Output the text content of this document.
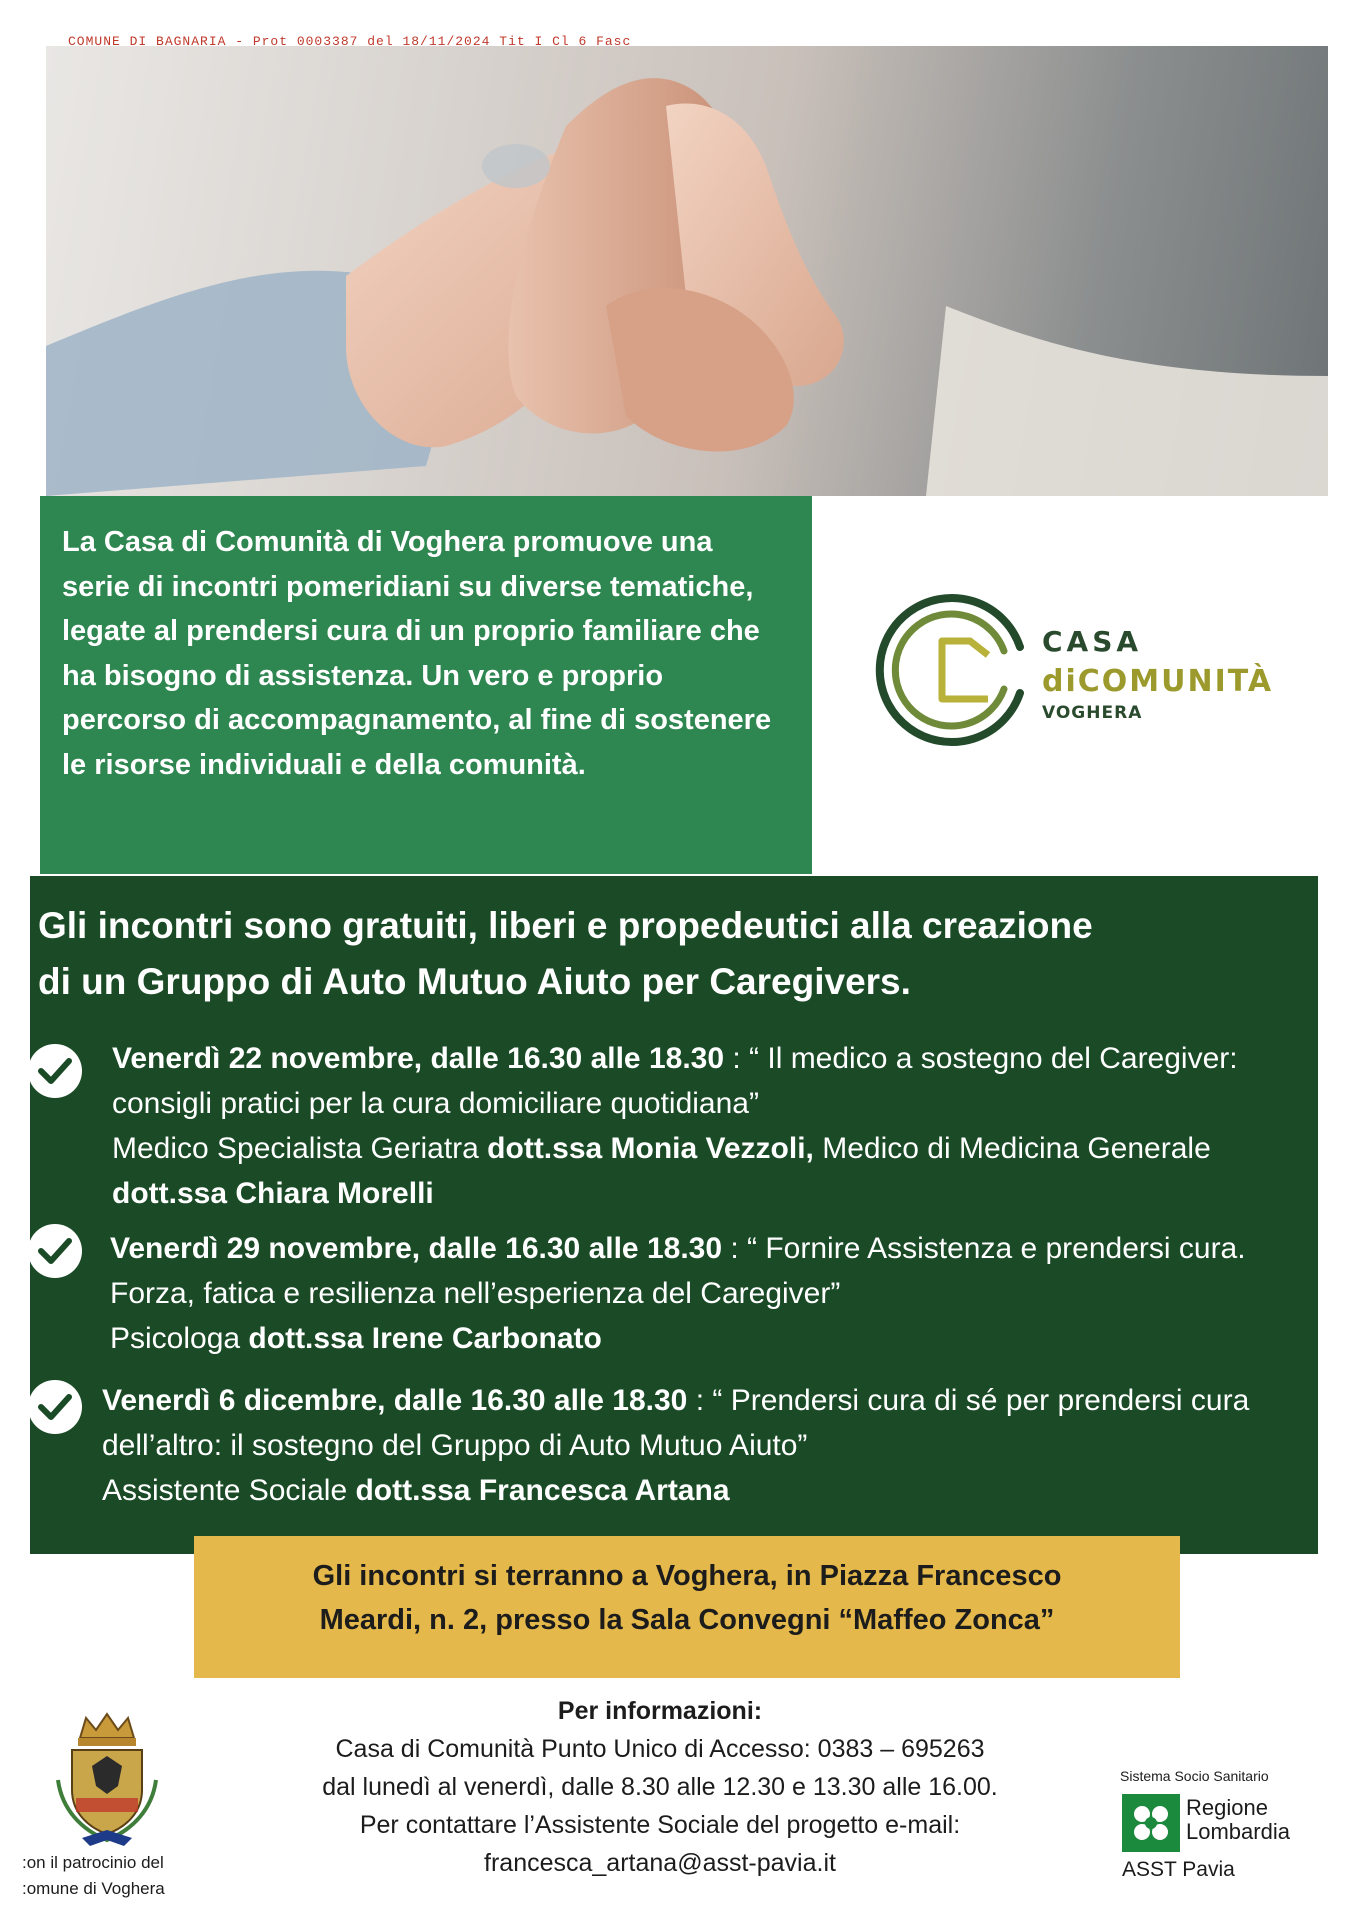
COMUNE DI BAGNARIA - Prot 0003387 del 18/11/2024 Tit I Cl 6 Fasc

La Casa di Comunità di Voghera promuove una serie di incontri pomeridiani su diverse tematiche, legate al prendersi cura di un proprio familiare che ha bisogno di assistenza. Un vero e proprio percorso di accompagnamento, al fine di sostenere le risorse individuali e della comunità.

CASA
diCOMUNITÀ
VOGHERA
Gli incontri sono gratuiti, liberi e propedeutici alla creazione
di un Gruppo di Auto Mutuo Aiuto per Caregivers.

Venerdì 22 novembre, dalle 16.30 alle 18.30 : “ Il medico a sostegno del Caregiver: consigli pratici per la cura domiciliare quotidiana”
Medico Specialista Geriatra dott.ssa Monia Vezzoli, Medico di Medicina Generale dott.ssa Chiara Morelli

Venerdì 29 novembre, dalle 16.30 alle 18.30 : “ Fornire Assistenza e prendersi cura. Forza, fatica e resilienza nell’esperienza del Caregiver”
Psicologa dott.ssa Irene Carbonato

Venerdì 6 dicembre, dalle 16.30 alle 18.30 : “ Prendersi cura di sé per prendersi cura dell’altro: il sostegno del Gruppo di Auto Mutuo Aiuto”
Assistente Sociale dott.ssa Francesca Artana

Gli incontri si terranno a Voghera, in Piazza Francesco

Meardi, n. 2, presso la Sala Convegni “Maffeo Zonca”

Per informazioni:
Casa di Comunità Punto Unico di Accesso: 0383 – 695263
dal lunedì al venerdì, dalle 8.30 alle 12.30 e 13.30 alle 16.00.
Per contattare l’Assistente Sociale del progetto e-mail:
francesca_artana@asst-pavia.it
:on il patrocinio del
:omune di Voghera
Sistema Socio Sanitario
Regione
Lombardia
ASST Pavia
